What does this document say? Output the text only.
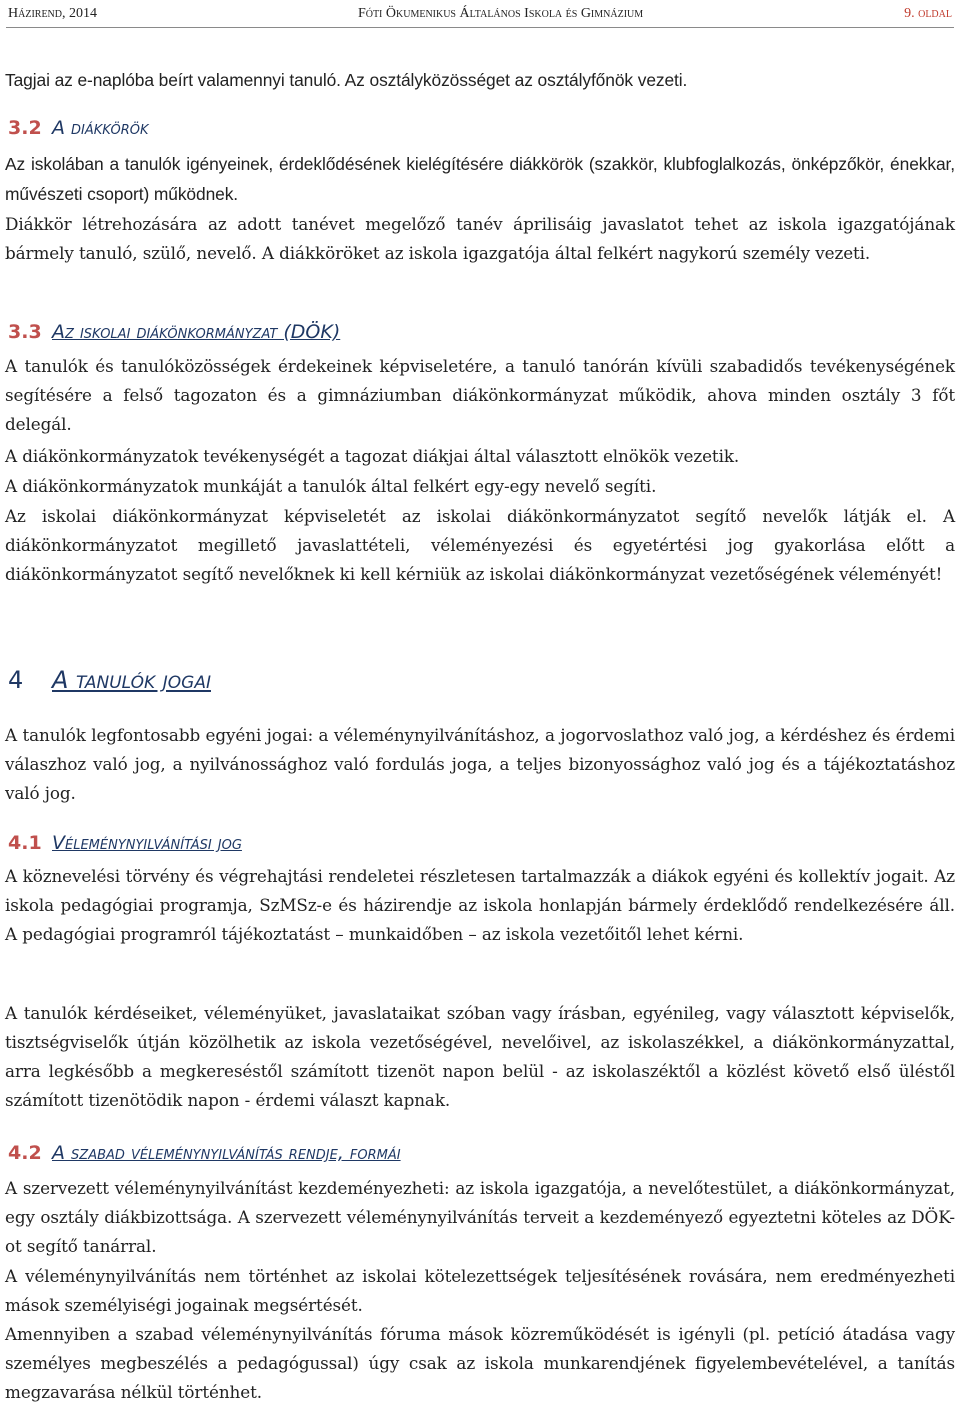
Házirend, 2014	Fóti Ökumenikus Általános Iskola és Gimnázium	9. oldal

Tagjai az e-naplóba beírt valamennyi tanuló. Az osztályközösséget az osztályfőnök vezeti.

3.2 A diákkörök

Az iskolában a tanulók igényeinek, érdeklődésének kielégítésére diákkörök (szakkör, klubfoglalkozás, önképzőkör, énekkar, művészeti csoport) működnek.

Diákkör létrehozására az adott tanévet megelőző tanév áprilisáig javaslatot tehet az iskola igazgatójának bármely tanuló, szülő, nevelő. A diákköröket az iskola igazgatója által felkért nagykorú személy vezeti.

3.3 Az iskolai diákönkormányzat (DÖK)

A tanulók és tanulóközösségek érdekeinek képviseletére, a tanuló tanórán kívüli szabadidős tevékenységének segítésére a felső tagozaton és a gimnáziumban diákönkormányzat működik, ahova minden osztály 3 főt delegál.

A diákönkormányzatok tevékenységét a tagozat diákjai által választott elnökök vezetik.

A diákönkormányzatok munkáját a tanulók által felkért egy-egy nevelő segíti.

Az iskolai diákönkormányzat képviseletét az iskolai diákönkormányzatot segítő nevelők látják el. A diákönkormányzatot megillető javaslattételi, véleményezési és egyetértési jog gyakorlása előtt a diákönkormányzatot segítő nevelőknek ki kell kérniük az iskolai diákönkormányzat vezetőségének véleményét!

4 A tanulók jogai

A tanulók legfontosabb egyéni jogai: a véleménynyilvánításhoz, a jogorvoslathoz való jog, a kérdéshez és érdemi válaszhoz való jog, a nyilvánossághoz való fordulás joga, a teljes bizonyossághoz való jog és a tájékoztatáshoz való jog.

4.1 Véleménynyilvánítási jog

A köznevelési törvény és végrehajtási rendeletei részletesen tartalmazzák a diákok egyéni és kollektív jogait. Az iskola pedagógiai programja, SzMSz-e és házirendje az iskola honlapján bármely érdeklődő rendelkezésére áll. A pedagógiai programról tájékoztatást – munkaidőben – az iskola vezetőitől lehet kérni.

A tanulók kérdéseiket, véleményüket, javaslataikat szóban vagy írásban, egyénileg, vagy választott képviselők, tisztségviselők útján közölhetik az iskola vezetőségével, nevelőivel, az iskolaszékkel, a diákönkormányzattal, arra legkésőbb a megkereséstől számított tizenöt napon belül - az iskolaszéktől a közlést követő első üléstől számított tizenötödik napon - érdemi választ kapnak.

4.2 A szabad véleménynyilvánítás rendje, formái

A szervezett véleménynyilvánítást kezdeményezheti: az iskola igazgatója, a nevelőtestület, a diákönkormányzat, egy osztály diákbizottsága. A szervezett véleménynyilvánítás terveit a kezdeményező egyeztetni köteles az DÖK-ot segítő tanárral.

A véleménynyilvánítás nem történhet az iskolai kötelezettségek teljesítésének rovására, nem eredményezheti mások személyiségi jogainak megsértését.

Amennyiben a szabad véleménynyilvánítás fóruma mások közreműködését is igényli (pl. petíció átadása vagy személyes megbeszélés a pedagógussal) úgy csak az iskola munkarendjének figyelembevételével, a tanítás megzavarása nélkül történhet.
